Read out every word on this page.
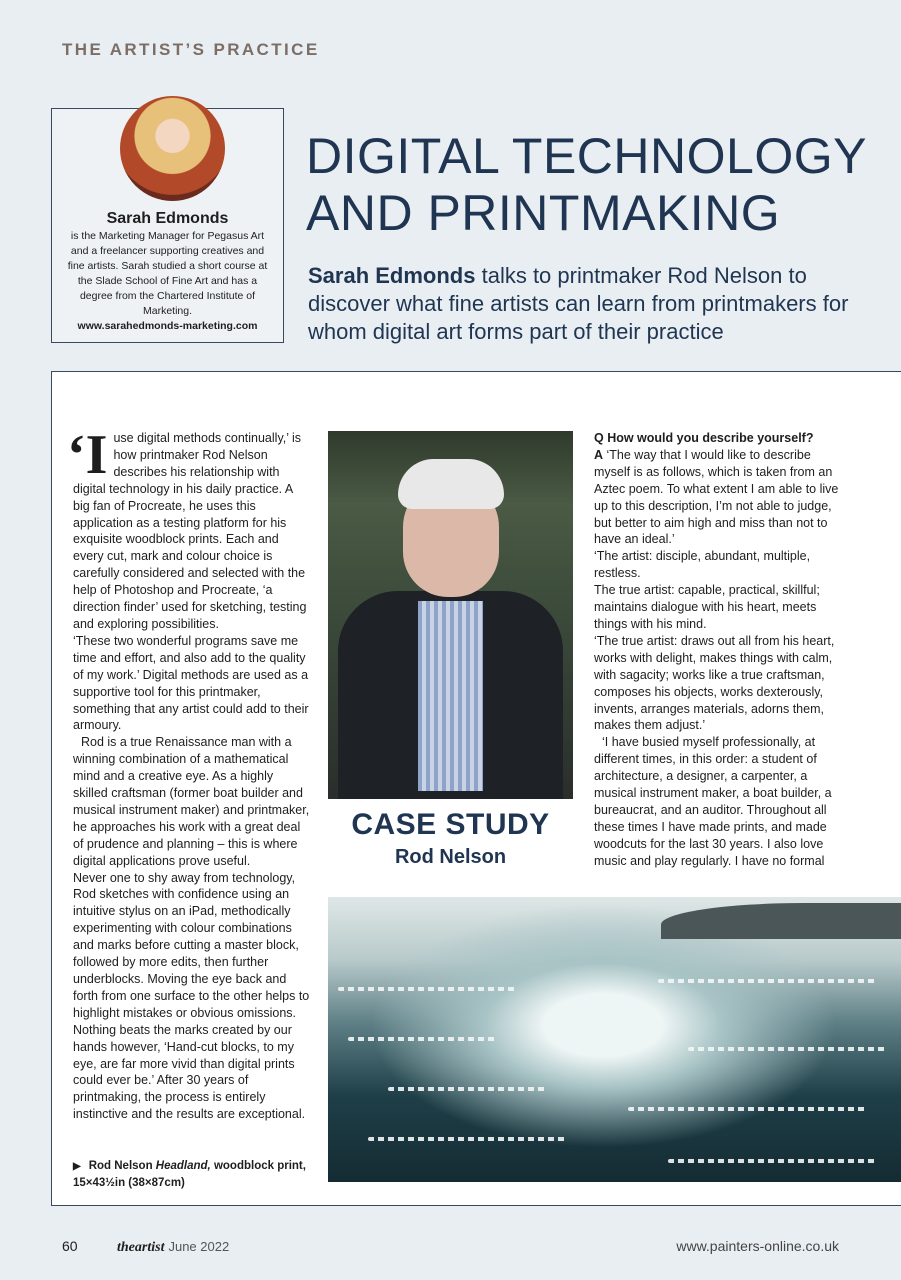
THE ARTIST’S PRACTICE
Sarah Edmonds
is the Marketing Manager for Pegasus Art and a freelancer supporting creatives and fine artists. Sarah studied a short course at the Slade School of Fine Art and has a degree from the Chartered Institute of Marketing.
www.sarahedmonds-marketing.com
DIGITAL TECHNOLOGY
AND PRINTMAKING
Sarah Edmonds talks to printmaker Rod Nelson to discover what fine artists can learn from printmakers for whom digital art forms part of their practice

‘I use digital methods continually,’ is how printmaker Rod Nelson describes his relationship with digital technology in his daily practice. A big fan of Procreate, he uses this application as a testing platform for his exquisite woodblock prints. Each and every cut, mark and colour choice is carefully considered and selected with the help of Photoshop and Procreate, ‘a direction finder’ used for sketching, testing and exploring possibilities.

‘These two wonderful programs save me time and effort, and also add to the quality of my work.’ Digital methods are used as a supportive tool for this printmaker, something that any artist could add to their armoury.

Rod is a true Renaissance man with a winning combination of a mathematical mind and a creative eye. As a highly skilled craftsman (former boat builder and musical instrument maker) and printmaker, he approaches his work with a great deal of prudence and planning – this is where digital applications prove useful.

Never one to shy away from technology, Rod sketches with confidence using an intuitive stylus on an iPad, methodically experimenting with colour combinations and marks before cutting a master block, followed by more edits, then further underblocks. Moving the eye back and forth from one surface to the other helps to highlight mistakes or obvious omissions. Nothing beats the marks created by our hands however, ‘Hand-cut blocks, to my eye, are far more vivid than digital prints could ever be.’ After 30 years of printmaking, the process is entirely instinctive and the results are exceptional.

CASE STUDY
Rod Nelson

Q How would you describe yourself?

A ‘The way that I would like to describe myself is as follows, which is taken from an Aztec poem. To what extent I am able to live up to this description, I’m not able to judge, but better to aim high and miss than not to have an ideal.’

‘The artist: disciple, abundant, multiple, restless.

The true artist: capable, practical, skillful; maintains dialogue with his heart, meets things with his mind.

‘The true artist: draws out all from his heart, works with delight, makes things with calm, with sagacity; works like a true craftsman, composes his objects, works dexterously, invents, arranges materials, adorns them, makes them adjust.’

‘I have busied myself professionally, at different times, in this order: a student of architecture, a designer, a carpenter, a musical instrument maker, a boat builder, a bureaucrat, and an auditor. Throughout all these times I have made prints, and made woodcuts for the last 30 years. I also love music and play regularly. I have no formal

▶ Rod Nelson Headland, woodblock print, 15×43½in (38×87cm)
60	theartist June 2022	www.painters-online.co.uk
